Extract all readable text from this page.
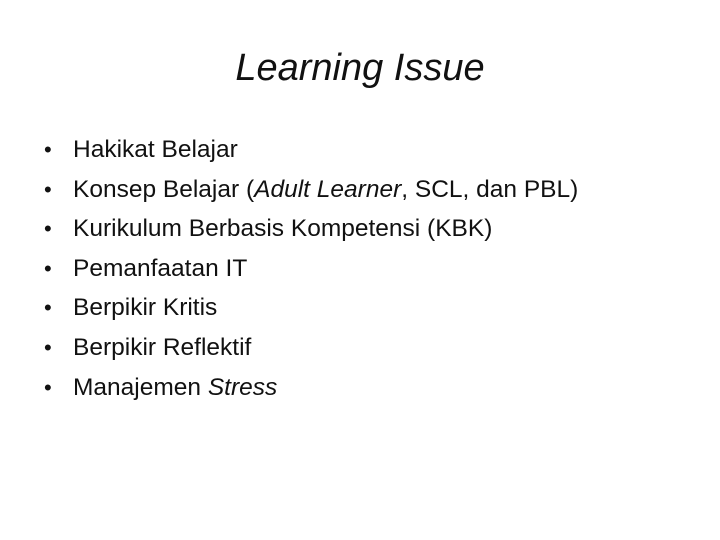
Learning Issue
• Hakikat Belajar
• Konsep Belajar (Adult Learner, SCL, dan PBL)
• Kurikulum Berbasis Kompetensi (KBK)
• Pemanfaatan IT
• Berpikir Kritis
• Berpikir Reflektif
• Manajemen Stress
